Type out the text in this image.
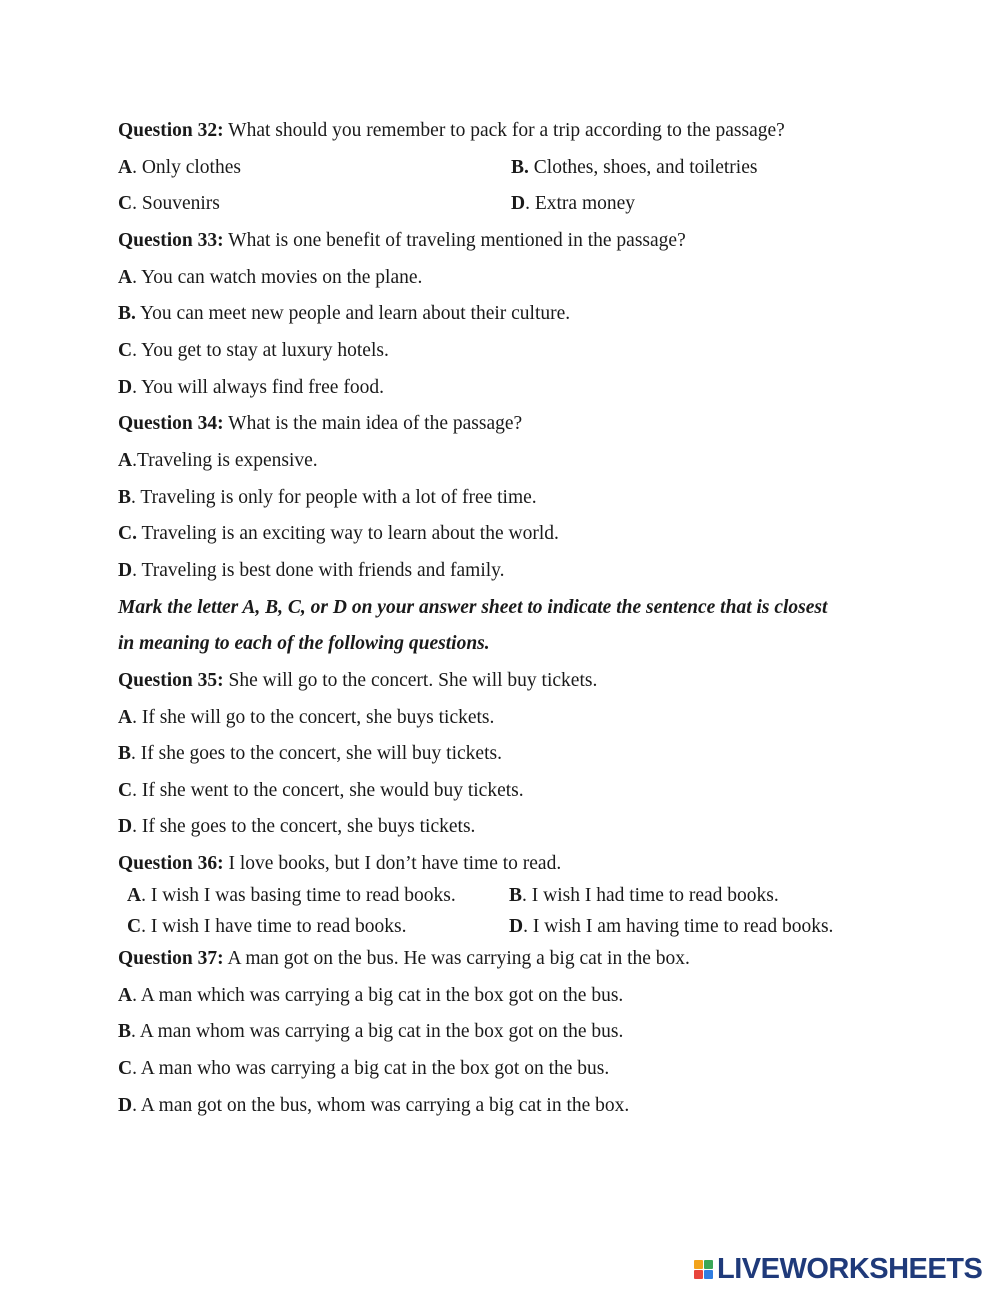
Question 32: What should you remember to pack for a trip according to the passage?
A. Only clothes	B. Clothes, shoes, and toiletries
C. Souvenirs	D. Extra money
Question 33: What is one benefit of traveling mentioned in the passage?
A. You can watch movies on the plane.
B. You can meet new people and learn about their culture.
C. You get to stay at luxury hotels.
D. You will always find free food.
Question 34: What is the main idea of the passage?
A.Traveling is expensive.
B. Traveling is only for people with a lot of free time.
C. Traveling is an exciting way to learn about the world.
D. Traveling is best done with friends and family.
Mark the letter A, B, C, or D on your answer sheet to indicate the sentence that is closest
in meaning to each of the following questions.
Question 35: She will go to the concert. She will buy tickets.
A. If she will go to the concert, she buys tickets.
B. If she goes to the concert, she will buy tickets.
C. If she went to the concert, she would buy tickets.
D. If she goes to the concert, she buys tickets.
Question 36: I love books, but I don’t have time to read.
A. I wish I was basing time to read books.	B. I wish I had time to read books.
C. I wish I have time to read books.	D. I wish I am having time to read books.
Question 37: A man got on the bus. He was carrying a big cat in the box.
A. A man which was carrying a big cat in the box got on the bus.
B. A man whom was carrying a big cat in the box got on the bus.
C. A man who was carrying a big cat in the box got on the bus.
D. A man got on the bus, whom was carrying a big cat in the box.
LIVEWORKSHEETS
